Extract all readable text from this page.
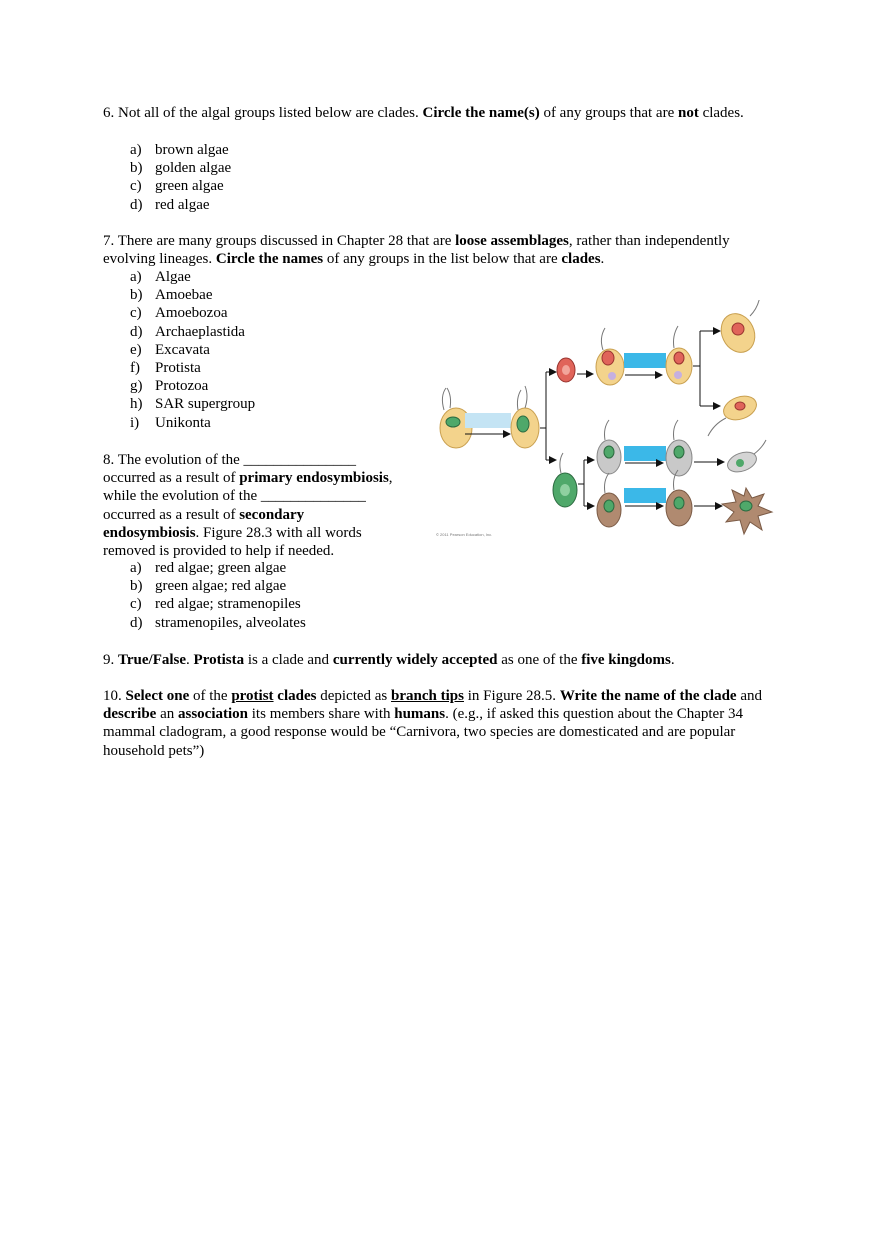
6. Not all of the algal groups listed below are clades. Circle the name(s) of any groups that are not clades.
a) brown algae
b) golden algae
c) green algae
d) red algae
7. There are many groups discussed in Chapter 28 that are loose assemblages, rather than independently evolving lineages. Circle the names of any groups in the list below that are clades.
a) Algae
b) Amoebae
c) Amoebozoa
d) Archaeplastida
e) Excavata
f) Protista
g) Protozoa
h) SAR supergroup
i) Unikonta
8. The evolution of the _______________
occurred as a result of primary endosymbiosis,
while the evolution of the ______________
occurred as a result of secondary
endosymbiosis. Figure 28.3 with all words
removed is provided to help if needed.
a) red algae; green algae
b) green algae; red algae
c) red algae; stramenopiles
d) stramenopiles, alveolates
© 2011 Pearson Education, Inc.
9. True/False. Protista is a clade and currently widely accepted as one of the five kingdoms.
10. Select one of the protist clades depicted as branch tips in Figure 28.5. Write the name of the clade and describe an association its members share with humans. (e.g., if asked this question about the Chapter 34 mammal cladogram, a good response would be “Carnivora, two species are domesticated and are popular household pets”)
